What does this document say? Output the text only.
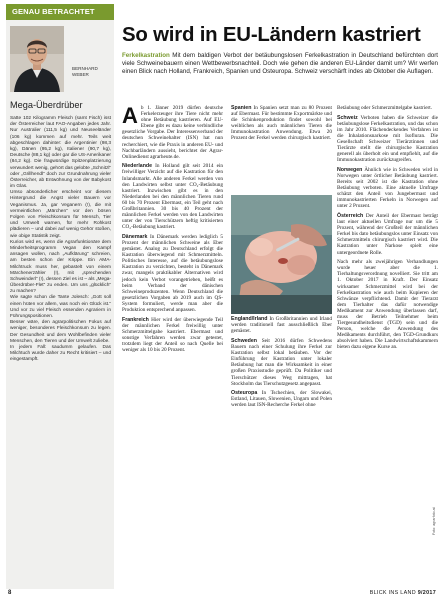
GENAU BETRACHTET
BERNHARD
WEBER
Mega-Überdrüber

Satte 102 Kilogramm Fleisch (samt Fisch) isst der Österreicher laut FAO-Angaben jedes Jahr. Nur Australier (111,5 kg) und Neuseeländer (106 kg) kommen auf mehr. Teils weit abgeschlagen dahinter: die Argentinier (98,3 kg), Dänen (95,2 kg), Italiener (90,7 kg), Deutsche (88,1 kg) oder gar die US-Amerikaner (84,2 kg). Die fragwürdige Spitzenplatzierung verwundert wenig, gehört das gelobte „Schnitzl“ oder „Grillhendl“ doch zur Grundnahrung vieler Österreicher, ab Entwöhnung von der Babykost im Glas.

Umso absonderlicher erscheint vor diesem Hintergrund die Angst vieler Bauern vor Veganismus. Ja, gar Veganern (!), die mit vermeintlichen „Märchen“ vor den bösen Folgen von Fleischkonsum für Mensch, Tier und Umwelt warnen, für mehr Rohkost plädieren – und dabei auf wenig Gehör stoßen, wie obige Statistik zeigt.

Kurios wird es, wenn die Agrarfunktionäre dem Minderheitsprogramm Vegan den Kampf ansagen wollen, nach „Aufklärung“ schreien, am besten schon der Krippe. Ein AMA-Milchtruck muss her, gebastelt von einem Märchenerzähler (!), mit „sprechenden Schweinderl“ (!), dessen Ziel es ist – als „Mega-Überdrüber-Flet“ zu enden. Um uns „glücklich“ zu machen?

Wie sagte schon die Tante Jolesch: „Gott soll einen hüten vor allem, was noch ein Glück ist.“ Und vor zu viel Fleisch essenden Agrariern in Führungspositionen.

Besser wäre, den agrarpolitischen Fokus auf weniger, besonderes Fleischkonsum zu legen. Der Gesundheit und dem Wohlbefinden vieler Menschen, den Tieren und der Umwelt zuliebe.

In jedem Fall: saudumm gelaufen. Das Milchtuch wurde daher zu Recht kritisiert – und eingestampft.

So wird in EU-Ländern kastriert
Ferkelkastration Mit dem baldigen Verbot der betäubungslosen Ferkelkastration in Deutschland befürchten dort viele Schweinebauern einen Wettbewerbsnachteil. Doch wie gehen die anderen EU-Länder damit um? Wir werfen einen Blick nach Holland, Frankreich, Spanien und Osteuropa. Schweiz verschärft indes ab Oktober die Auflagen.

Ab 1. Jänner 2019 dürfen deutsche Ferkelerzeuger ihre Tiere nicht mehr ohne Betäubung kastrieren. Auf EU-Ebene gibt es dazu keine verbindliche gesetzliche Vorgabe. Der Interessenverband der deutschen Schweinehalter (ISN) hat nun recherchiert, wie die Praxis in anderen EU- und Nachbarländern aussieht, berichtet der Agrar-Onlinedienst agrarheute.de.

Niederlande In Holland gilt seit 2014 ein freiwilliger Verzicht auf die Kastration für den Inlandsmarkt. Alle anderen Ferkel werden von den Landwirten selbst unter CO₂-Betäubung kastriert. Inzwischen gibt es in den Niederlanden bei den männlichen Tieren rund 60 bis 70 Prozent Ebermast, ein Teil geht nach Großbritannien. 30 bis 40 Prozent der männlichen Ferkel werden von den Landwirten unter der von Tierschützern heftig kritisierten CO₂-Betäubung kastriert.

Dänemark In Dänemark werden lediglich 5 Prozent der männlichen Schweine als Eber gemästet. Analog zu Deutschland erfolgt die Kastration überwiegend mit Schmerzmitteln. Politisches Interesse, auf die betäubungslose Kastration zu verzichten, besteht in Dänemark zwar, mangels praktikabler Alternativen wird jedoch kein Verbot vorangetrieben, heißt es beim Verband der dänischen Schweineproduzenten. Wenn Deutschland die gesetzlichen Vorgaben ab 2019 auch im QS-System formuliert, werde man aber die Produktion entsprechend anpassen.

Frankreich Hier wird der überwiegende Teil der männlichen Ferkel freiwillig unter Schmerzmittelgabe kastriert. Ebermast und sonstige Verfahren werden zwar getestet, trotzdem liegt der Anteil so nach Quelle bei weniger als 10 bis 20 Prozent.

Spanien In Spanien setzt man zu 80 Prozent auf Ebermast. Für bestimmte Exportmärkte und die Schinkenproduktion findet sowohl bei weiblichen als auch männlichen Tieren die Immunokastration Anwendung. Etwa 20 Prozent der Ferkel werden chirurgisch kastriert.

England/Irland In Großbritannien und Irland werden traditionell fast ausschließlich Eber gemästet.

Schweden Seit 2016 dürfen Schwedens Bauern nach einer Schulung ihre Ferkel zur Kastration selbst lokal betäuben. Vor der Einführung der Kastration unter lokaler Betäubung hat man die Wirksamkeit in einer großen Praxisstudie geprüft. Da Politiker und Tierschützer dieses Weg mittragen, hat Stockholm das Tierschutzgesetz angepasst.

Osteuropa In Tschechien, der Slowakei, Estland, Litauen, Slowenien, Ungarn und Polen werden laut ISN-Recherche Ferkel ohne

Betäubung oder Schmerzmittelgabe kastriert.

Schweiz Verboten haben die Schweizer die betäubungslose Ferkelkastration, und das schon im Jahr 2010. Flächendeckendes Verfahren ist die Inhalationsnarkose mit Isofluran. Die Gesellschaft Schweizer Tierärztinnen und Tierärzte stellt die chirurgische Kastration generell als überholt ein und empfiehlt, auf die Immunokastration zurückzugreifen.

Norwegen Ähnlich wie in Schweden wird in Norwegen unter örtlicher Betäubung kastriert. Bereits seit 2002 ist die Kastration ohne Betäubung verboten. Eine aktuelle Umfrage schätzt den Anteil von Jungebermast und immunokastrierten Ferkeln in Norwegen auf unter 2 Prozent.

Österreich Der Anteil der Ebermast beträgt laut einer aktuellen Umfrage nur um die 5 Prozent, während der Großteil der männlichen Ferkel bis dato betäubungslos unter Einsatz von Schmerzmitteln chirurgisch kastriert wird. Die Kastration unter Narkose spielt eine untergeordnete Rolle.

Nach mehr als zweijährigen Verhandlungen wurde heuer aber die 1. Tierhaltungsverordnung novelliert. Sie tritt am 1. Oktober 2017 in Kraft. Der Einsatz wirksamer Schmerzmittel wird bei der Ferkelkastration wie auch beim Kupieren der Schwänze verpflichtend. Damit der Tierarzt dem Tierhalter das dafür notwendige Medikament zur Anwendung überlassen darf, muss der Betrieb Teilnehmer beim Tiergesundheitsdienst (TGD) sein und die Person, welche die Anwendung des Medikaments durchführt, den TGD-Grundkurs absolviert haben. Die Landwirtschaftskammern bieten dazu eigene Kurse an.

Foto: agrarfoto.at
8	BLICK INS LAND 9/2017
